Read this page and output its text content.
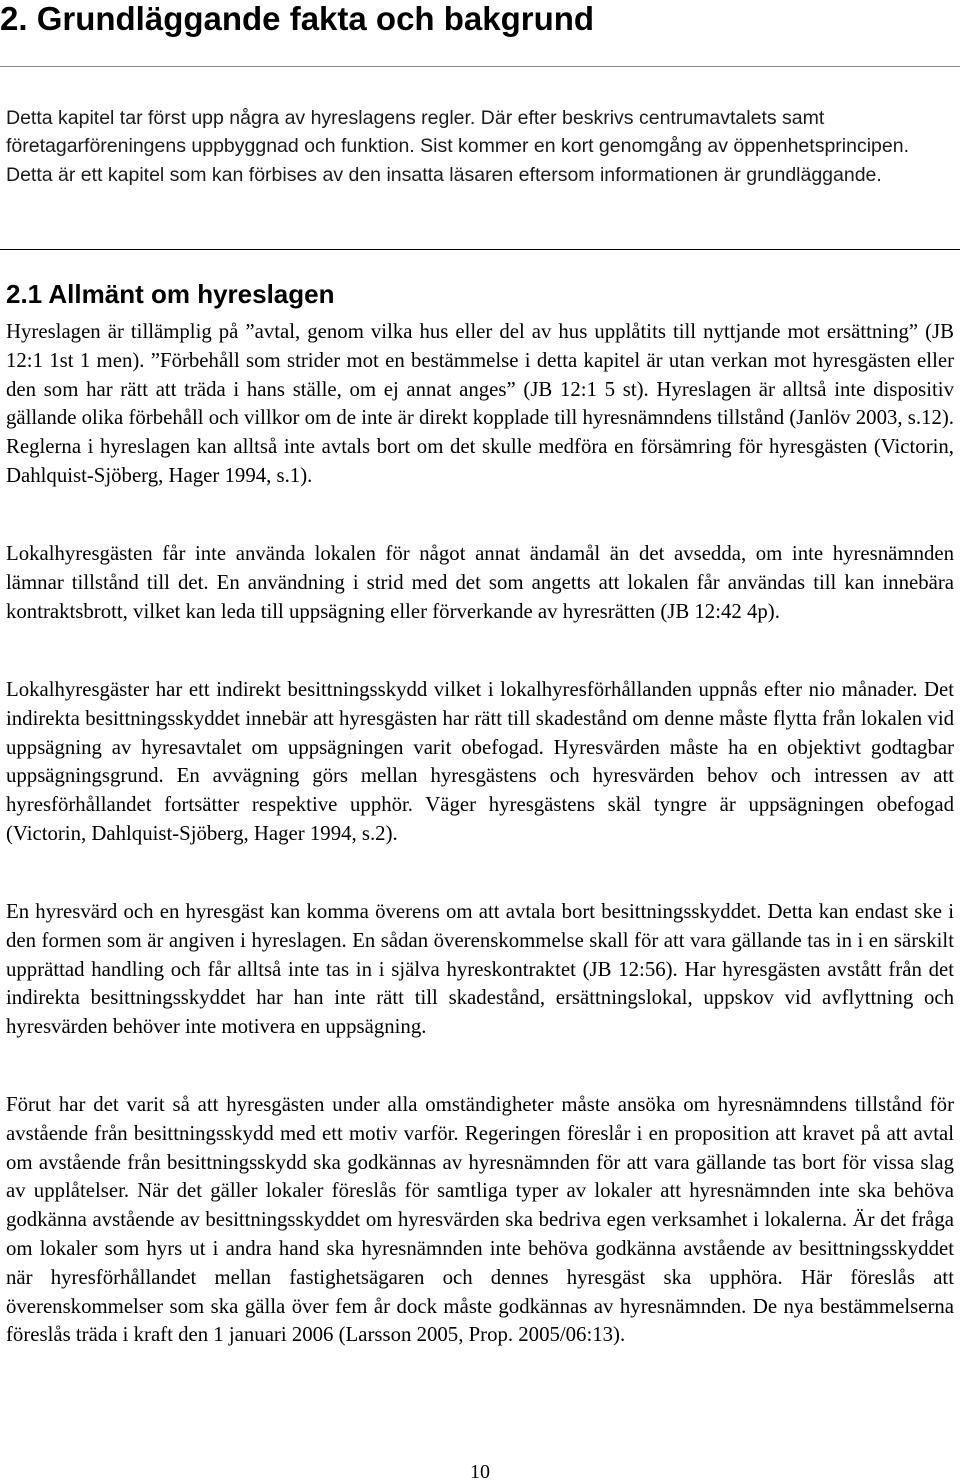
2. Grundläggande fakta och bakgrund

Detta kapitel tar först upp några av hyreslagens regler. Där efter beskrivs centrumavtalets samt företagarföreningens uppbyggnad och funktion. Sist kommer en kort genomgång av öppenhetsprincipen. Detta är ett kapitel som kan förbises av den insatta läsaren eftersom informationen är grundläggande.

2.1 Allmänt om hyreslagen

Hyreslagen är tillämplig på ”avtal, genom vilka hus eller del av hus upplåtits till nyttjande mot ersättning” (JB 12:1 1st 1 men). ”Förbehåll som strider mot en bestämmelse i detta kapitel är utan verkan mot hyresgästen eller den som har rätt att träda i hans ställe, om ej annat anges” (JB 12:1 5 st). Hyreslagen är alltså inte dispositiv gällande olika förbehåll och villkor om de inte är direkt kopplade till hyresnämndens tillstånd (Janlöv 2003, s.12). Reglerna i hyreslagen kan alltså inte avtals bort om det skulle medföra en försämring för hyresgästen (Victorin, Dahlquist-Sjöberg, Hager 1994, s.1).

Lokalhyresgästen får inte använda lokalen för något annat ändamål än det avsedda, om inte hyresnämnden lämnar tillstånd till det. En användning i strid med det som angetts att lokalen får användas till kan innebära kontraktsbrott, vilket kan leda till uppsägning eller förverkande av hyresrätten (JB 12:42 4p).

Lokalhyresgäster har ett indirekt besittningsskydd vilket i lokalhyresförhållanden uppnås efter nio månader. Det indirekta besittningsskyddet innebär att hyresgästen har rätt till skadestånd om denne måste flytta från lokalen vid uppsägning av hyresavtalet om uppsägningen varit obefogad. Hyresvärden måste ha en objektivt godtagbar uppsägningsgrund. En avvägning görs mellan hyresgästens och hyresvärden behov och intressen av att hyresförhållandet fortsätter respektive upphör. Väger hyresgästens skäl tyngre är uppsägningen obefogad (Victorin, Dahlquist-Sjöberg, Hager 1994, s.2).

En hyresvärd och en hyresgäst kan komma överens om att avtala bort besittningsskyddet. Detta kan endast ske i den formen som är angiven i hyreslagen. En sådan överenskommelse skall för att vara gällande tas in i en särskilt upprättad handling och får alltså inte tas in i själva hyreskontraktet (JB 12:56). Har hyresgästen avstått från det indirekta besittningsskyddet har han inte rätt till skadestånd, ersättningslokal, uppskov vid avflyttning och hyresvärden behöver inte motivera en uppsägning.

Förut har det varit så att hyresgästen under alla omständigheter måste ansöka om hyresnämndens tillstånd för avstående från besittningsskydd med ett motiv varför. Regeringen föreslår i en proposition att kravet på att avtal om avstående från besittningsskydd ska godkännas av hyresnämnden för att vara gällande tas bort för vissa slag av upplåtelser. När det gäller lokaler föreslås för samtliga typer av lokaler att hyresnämnden inte ska behöva godkänna avstående av besittningsskyddet om hyresvärden ska bedriva egen verksamhet i lokalerna. Är det fråga om lokaler som hyrs ut i andra hand ska hyresnämnden inte behöva godkänna avstående av besittningsskyddet när hyresförhållandet mellan fastighetsägaren och dennes hyresgäst ska upphöra. Här föreslås att överenskommelser som ska gälla över fem år dock måste godkännas av hyresnämnden. De nya bestämmelserna föreslås träda i kraft den 1 januari 2006 (Larsson 2005, Prop. 2005/06:13).

10
